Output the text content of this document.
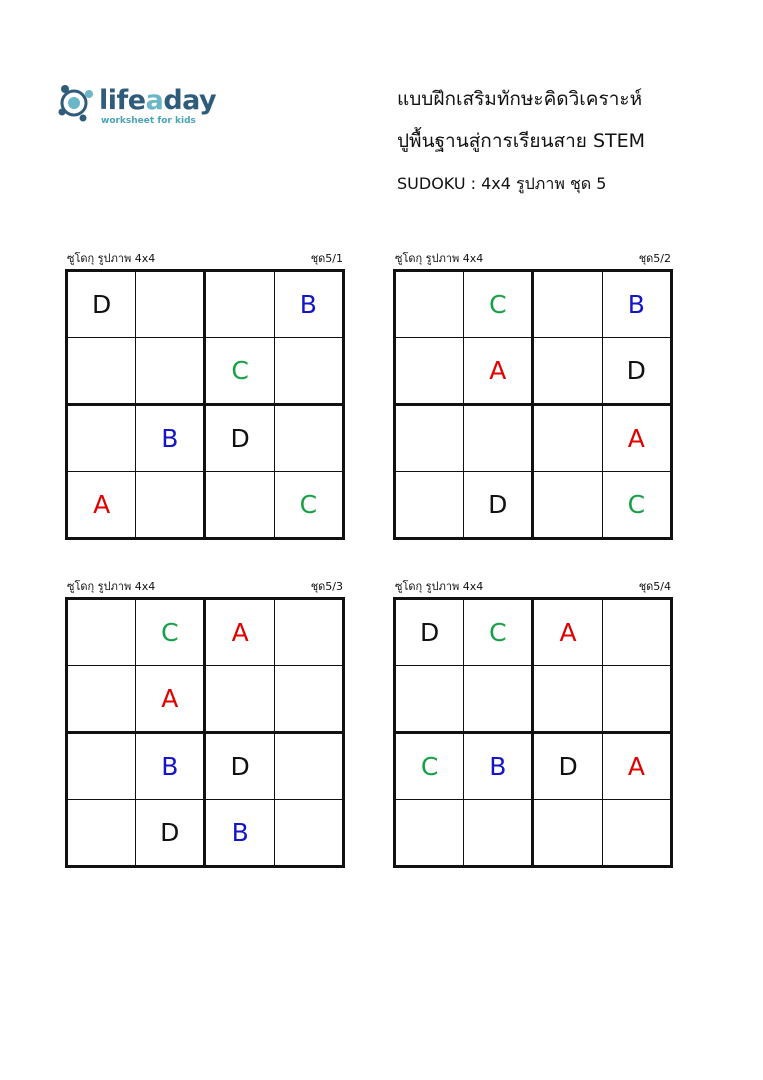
lifeaday
worksheet for kids
แบบฝึกเสริมทักษะคิดวิเคราะห์
ปูพื้นฐานสู่การเรียนสาย STEM
SUDOKU : 4x4 รูปภาพ ชุด 5
ซูโดกุ รูปภาพ 4x4	ชุด5/1
D			B
		C	
	B	D	
A			C
ซูโดกุ รูปภาพ 4x4	ชุด5/2
	C		B
	A		D
			A
	D		C
ซูโดกุ รูปภาพ 4x4	ชุด5/3
	C	A	
	A		
	B	D	
	D	B	
ซูโดกุ รูปภาพ 4x4	ชุด5/4
D	C	A	

C	B	D	A
